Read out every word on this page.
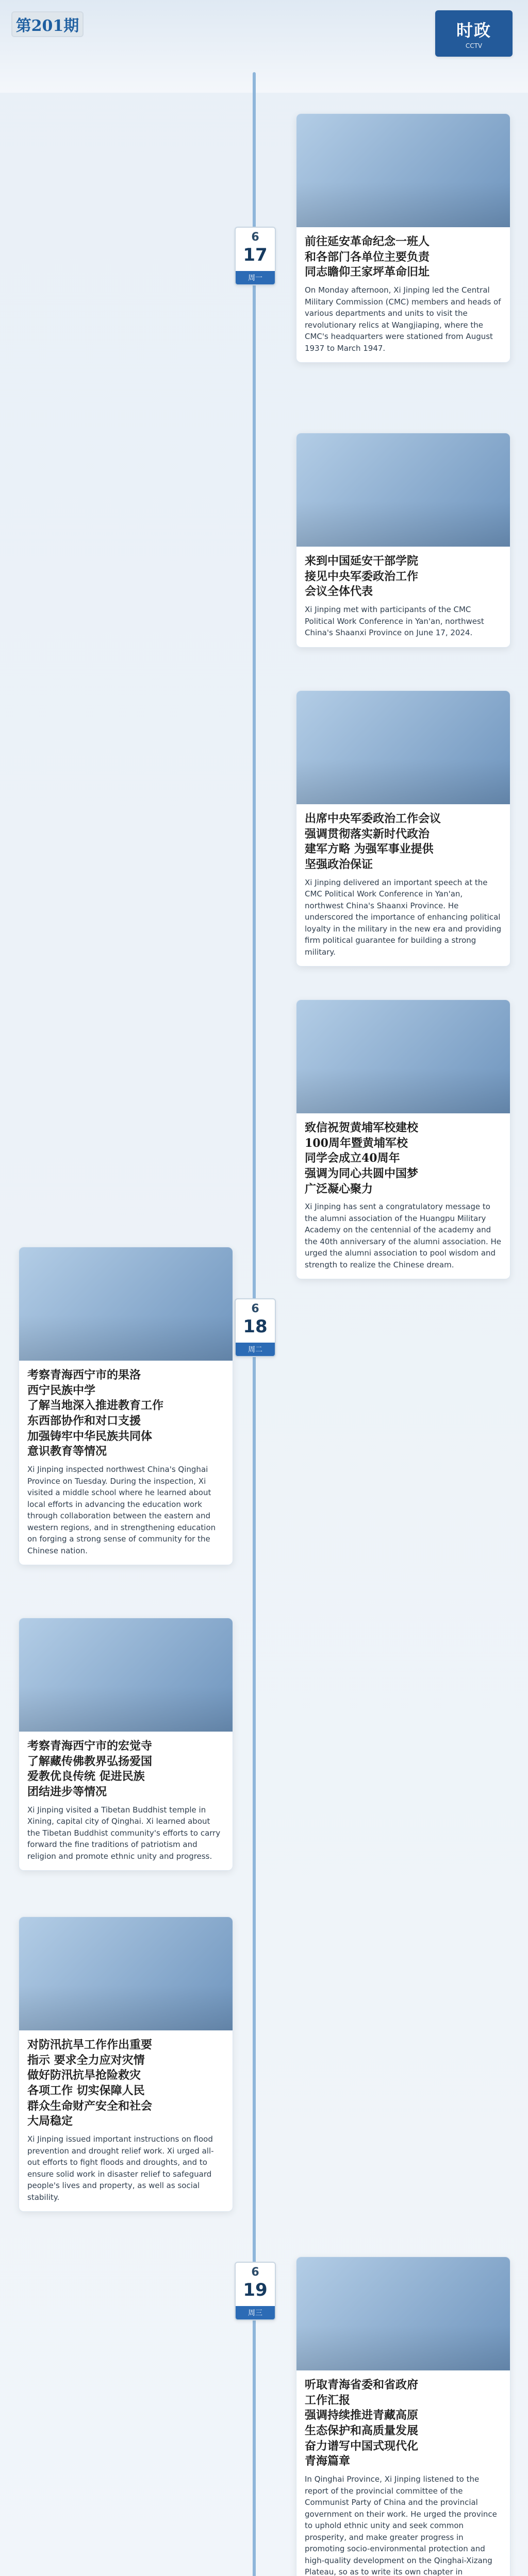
第201期	时政
CCTV
6
17
周一
6
18
周二
6
19
周三
前往延安革命纪念一班人
和各部门各单位主要负责
同志瞻仰王家坪革命旧址
On Monday afternoon, Xi Jinping led the Central Military Commission (CMC) members and heads of various departments and units to visit the revolutionary relics at Wangjiaping, where the CMC's headquarters were stationed from August 1937 to March 1947.
来到中国延安干部学院
接见中央军委政治工作
会议全体代表
Xi Jinping met with participants of the CMC Political Work Conference in Yan'an, northwest China's Shaanxi Province on June 17, 2024.
出席中央军委政治工作会议
强调贯彻落实新时代政治
建军方略 为强军事业提供
坚强政治保证
Xi Jinping delivered an important speech at the CMC Political Work Conference in Yan'an, northwest China's Shaanxi Province. He underscored the importance of enhancing political loyalty in the military in the new era and providing firm political guarantee for building a strong military.
致信祝贺黄埔军校建校
100周年暨黄埔军校
同学会成立40周年
强调为同心共圆中国梦
广泛凝心聚力
Xi Jinping has sent a congratulatory message to the alumni association of the Huangpu Military Academy on the centennial of the academy and the 40th anniversary of the alumni association. He urged the alumni association to pool wisdom and strength to realize the Chinese dream.
考察青海西宁市的果洛
西宁民族中学
了解当地深入推进教育工作
东西部协作和对口支援
加强铸牢中华民族共同体
意识教育等情况
Xi Jinping inspected northwest China's Qinghai Province on Tuesday. During the inspection, Xi visited a middle school where he learned about local efforts in advancing the education work through collaboration between the eastern and western regions, and in strengthening education on forging a strong sense of community for the Chinese nation.
考察青海西宁市的宏觉寺
了解藏传佛教界弘扬爱国
爱教优良传统 促进民族
团结进步等情况
Xi Jinping visited a Tibetan Buddhist temple in Xining, capital city of Qinghai. Xi learned about the Tibetan Buddhist community's efforts to carry forward the fine traditions of patriotism and religion and promote ethnic unity and progress.
对防汛抗旱工作作出重要
指示 要求全力应对灾情
做好防汛抗旱抢险救灾
各项工作 切实保障人民
群众生命财产安全和社会
大局稳定
Xi Jinping issued important instructions on flood prevention and drought relief work. Xi urged all-out efforts to fight floods and droughts, and to ensure solid work in disaster relief to safeguard people's lives and property, as well as social stability.
听取青海省委和省政府
工作汇报
强调持续推进青藏高原
生态保护和高质量发展
奋力谱写中国式现代化
青海篇章
In Qinghai Province, Xi Jinping listened to the report of the provincial committee of the Communist Party of China and the provincial government on their work. He urged the province to uphold ethnic unity and seek common prosperity, and make greater progress in promoting socio-environmental protection and high-quality development on the Qinghai-Xizang Plateau, so as to write its own chapter in
